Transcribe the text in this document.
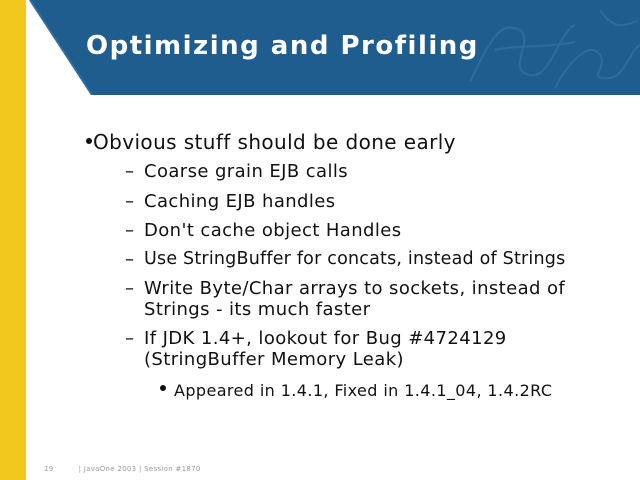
Optimizing and Profiling
Obvious stuff should be done early
– Coarse grain EJB calls
– Caching EJB handles
– Don't cache object Handles
– Use StringBuffer for concats, instead of Strings
– Write Byte/Char arrays to sockets, instead of
Strings - its much faster
– If JDK 1.4+, lookout for Bug #4724129
(StringBuffer Memory Leak)
Appeared in 1.4.1, Fixed in 1.4.1_04, 1.4.2RC
19	| JavaOne 2003 | Session #1870
